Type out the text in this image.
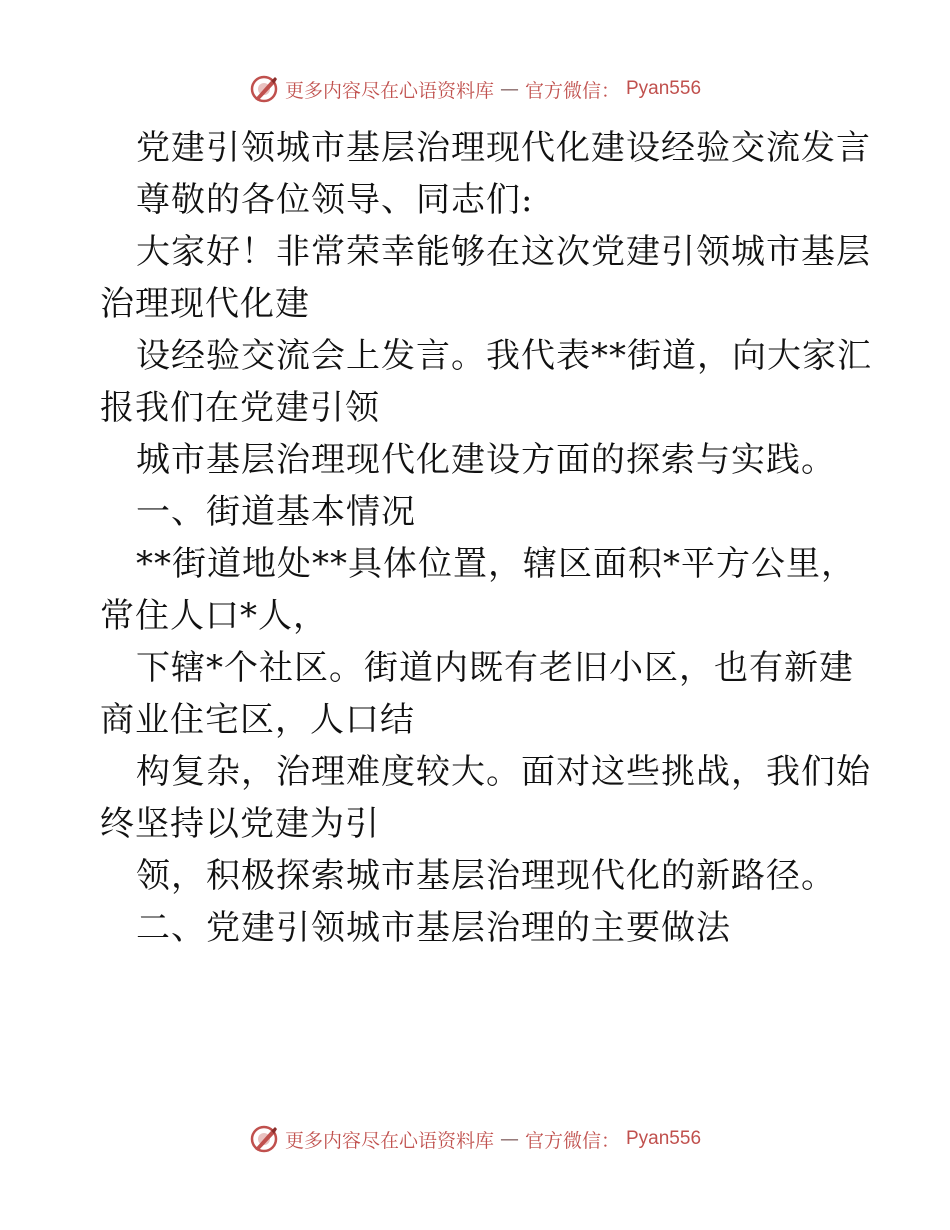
更多内容尽在心语资料库 — 官方微信： Pyan556
党建引领城市基层治理现代化建设经验交流发言
尊敬的各位领导、同志们:
大家好！非常荣幸能够在这次党建引领城市基层
治理现代化建
设经验交流会上发言。我代表**街道，向大家汇
报我们在党建引领
城市基层治理现代化建设方面的探索与实践。
一、街道基本情况
**街道地处**具体位置，辖区面积*平方公里，
常住人口*人，
下辖*个社区。街道内既有老旧小区，也有新建
商业住宅区，人口结
构复杂，治理难度较大。面对这些挑战，我们始
终坚持以党建为引
领，积极探索城市基层治理现代化的新路径。
二、党建引领城市基层治理的主要做法
更多内容尽在心语资料库 — 官方微信： Pyan556
